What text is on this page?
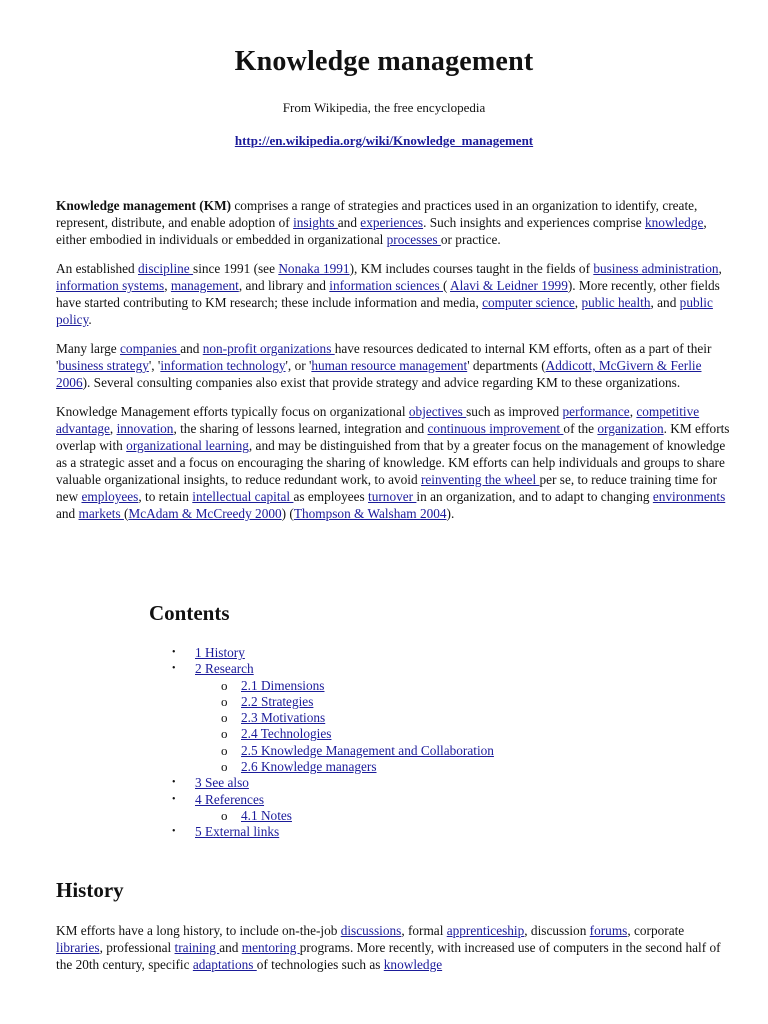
Knowledge management
From Wikipedia, the free encyclopedia
http://en.wikipedia.org/wiki/Knowledge_management

Knowledge management (KM) comprises a range of strategies and practices used in an organization to identify, create, represent, distribute, and enable adoption of insights and experiences. Such insights and experiences comprise knowledge, either embodied in individuals or embedded in organizational processes or practice.

An established discipline since 1991 (see Nonaka 1991), KM includes courses taught in the fields of business administration, information systems, management, and library and information sciences ( Alavi & Leidner 1999). More recently, other fields have started contributing to KM research; these include information and media, computer science, public health, and public policy.

Many large companies and non-profit organizations have resources dedicated to internal KM efforts, often as a part of their 'business strategy', 'information technology', or 'human resource management' departments (Addicott, McGivern & Ferlie 2006). Several consulting companies also exist that provide strategy and advice regarding KM to these organizations.

Knowledge Management efforts typically focus on organizational objectives such as improved performance, competitive advantage, innovation, the sharing of lessons learned, integration and continuous improvement of the organization. KM efforts overlap with organizational learning, and may be distinguished from that by a greater focus on the management of knowledge as a strategic asset and a focus on encouraging the sharing of knowledge. KM efforts can help individuals and groups to share valuable organizational insights, to reduce redundant work, to avoid reinventing the wheel per se, to reduce training time for new employees, to retain intellectual capital as employees turnover in an organization, and to adapt to changing environments and markets (McAdam & McCreedy 2000) (Thompson & Walsham 2004).

Contents
• 1 History
• 2 Research
o 2.1 Dimensions
o 2.2 Strategies
o 2.3 Motivations
o 2.4 Technologies
o 2.5 Knowledge Management and Collaboration
o 2.6 Knowledge managers
• 3 See also
• 4 References
o 4.1 Notes
• 5 External links
History

KM efforts have a long history, to include on-the-job discussions, formal apprenticeship, discussion forums, corporate libraries, professional training and mentoring programs. More recently, with increased use of computers in the second half of the 20th century, specific adaptations of technologies such as knowledge
